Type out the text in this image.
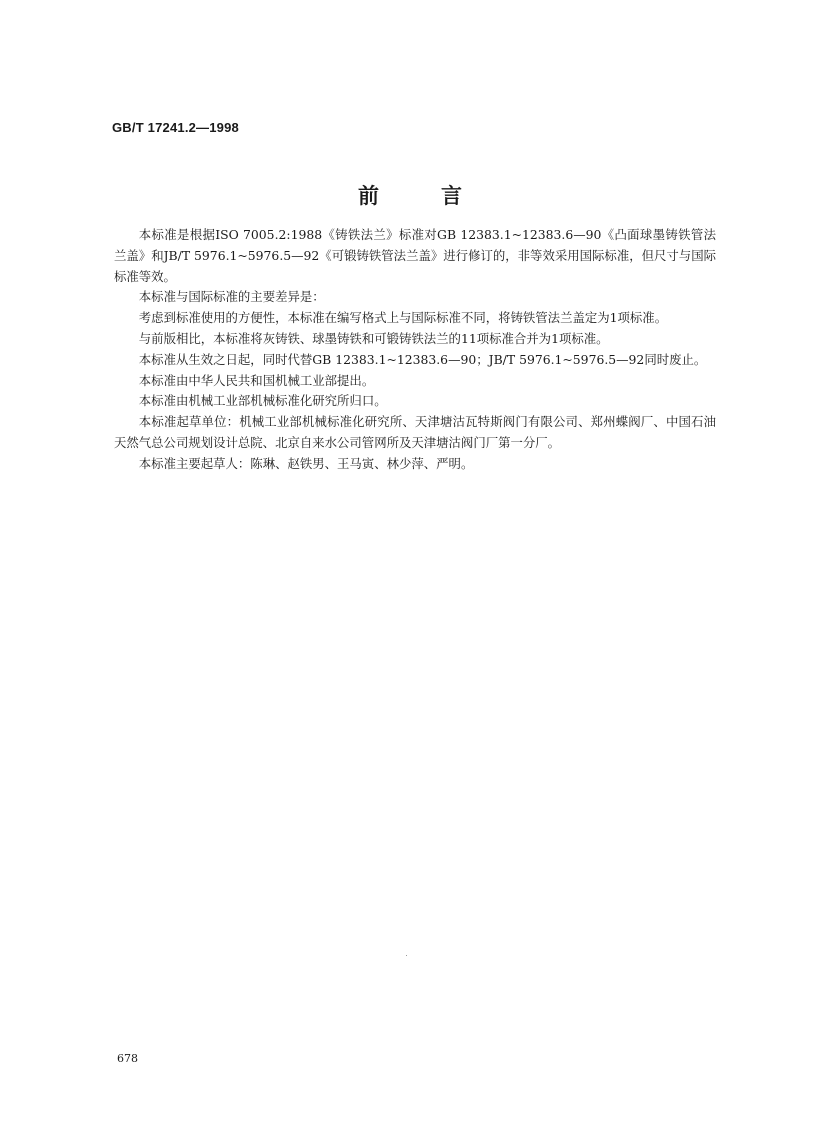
GB/T 17241.2—1998
前言

本标准是根据ISO 7005.2:1988《铸铁法兰》标准对GB 12383.1~12383.6—90《凸面球墨铸铁管法兰盖》和JB/T 5976.1~5976.5—92《可锻铸铁管法兰盖》进行修订的，非等效采用国际标准，但尺寸与国际标准等效。

本标准与国际标准的主要差异是：

考虑到标准使用的方便性，本标准在编写格式上与国际标准不同，将铸铁管法兰盖定为1项标准。

与前版相比，本标准将灰铸铁、球墨铸铁和可锻铸铁法兰的11项标准合并为1项标准。

本标准从生效之日起，同时代替GB 12383.1~12383.6—90；JB/T 5976.1~5976.5—92同时废止。

本标准由中华人民共和国机械工业部提出。

本标准由机械工业部机械标准化研究所归口。

本标准起草单位：机械工业部机械标准化研究所、天津塘沽瓦特斯阀门有限公司、郑州蝶阀厂、中国石油天然气总公司规划设计总院、北京自来水公司管网所及天津塘沽阀门厂第一分厂。

本标准主要起草人：陈琳、赵铁男、王马寅、林少萍、严明。

678
